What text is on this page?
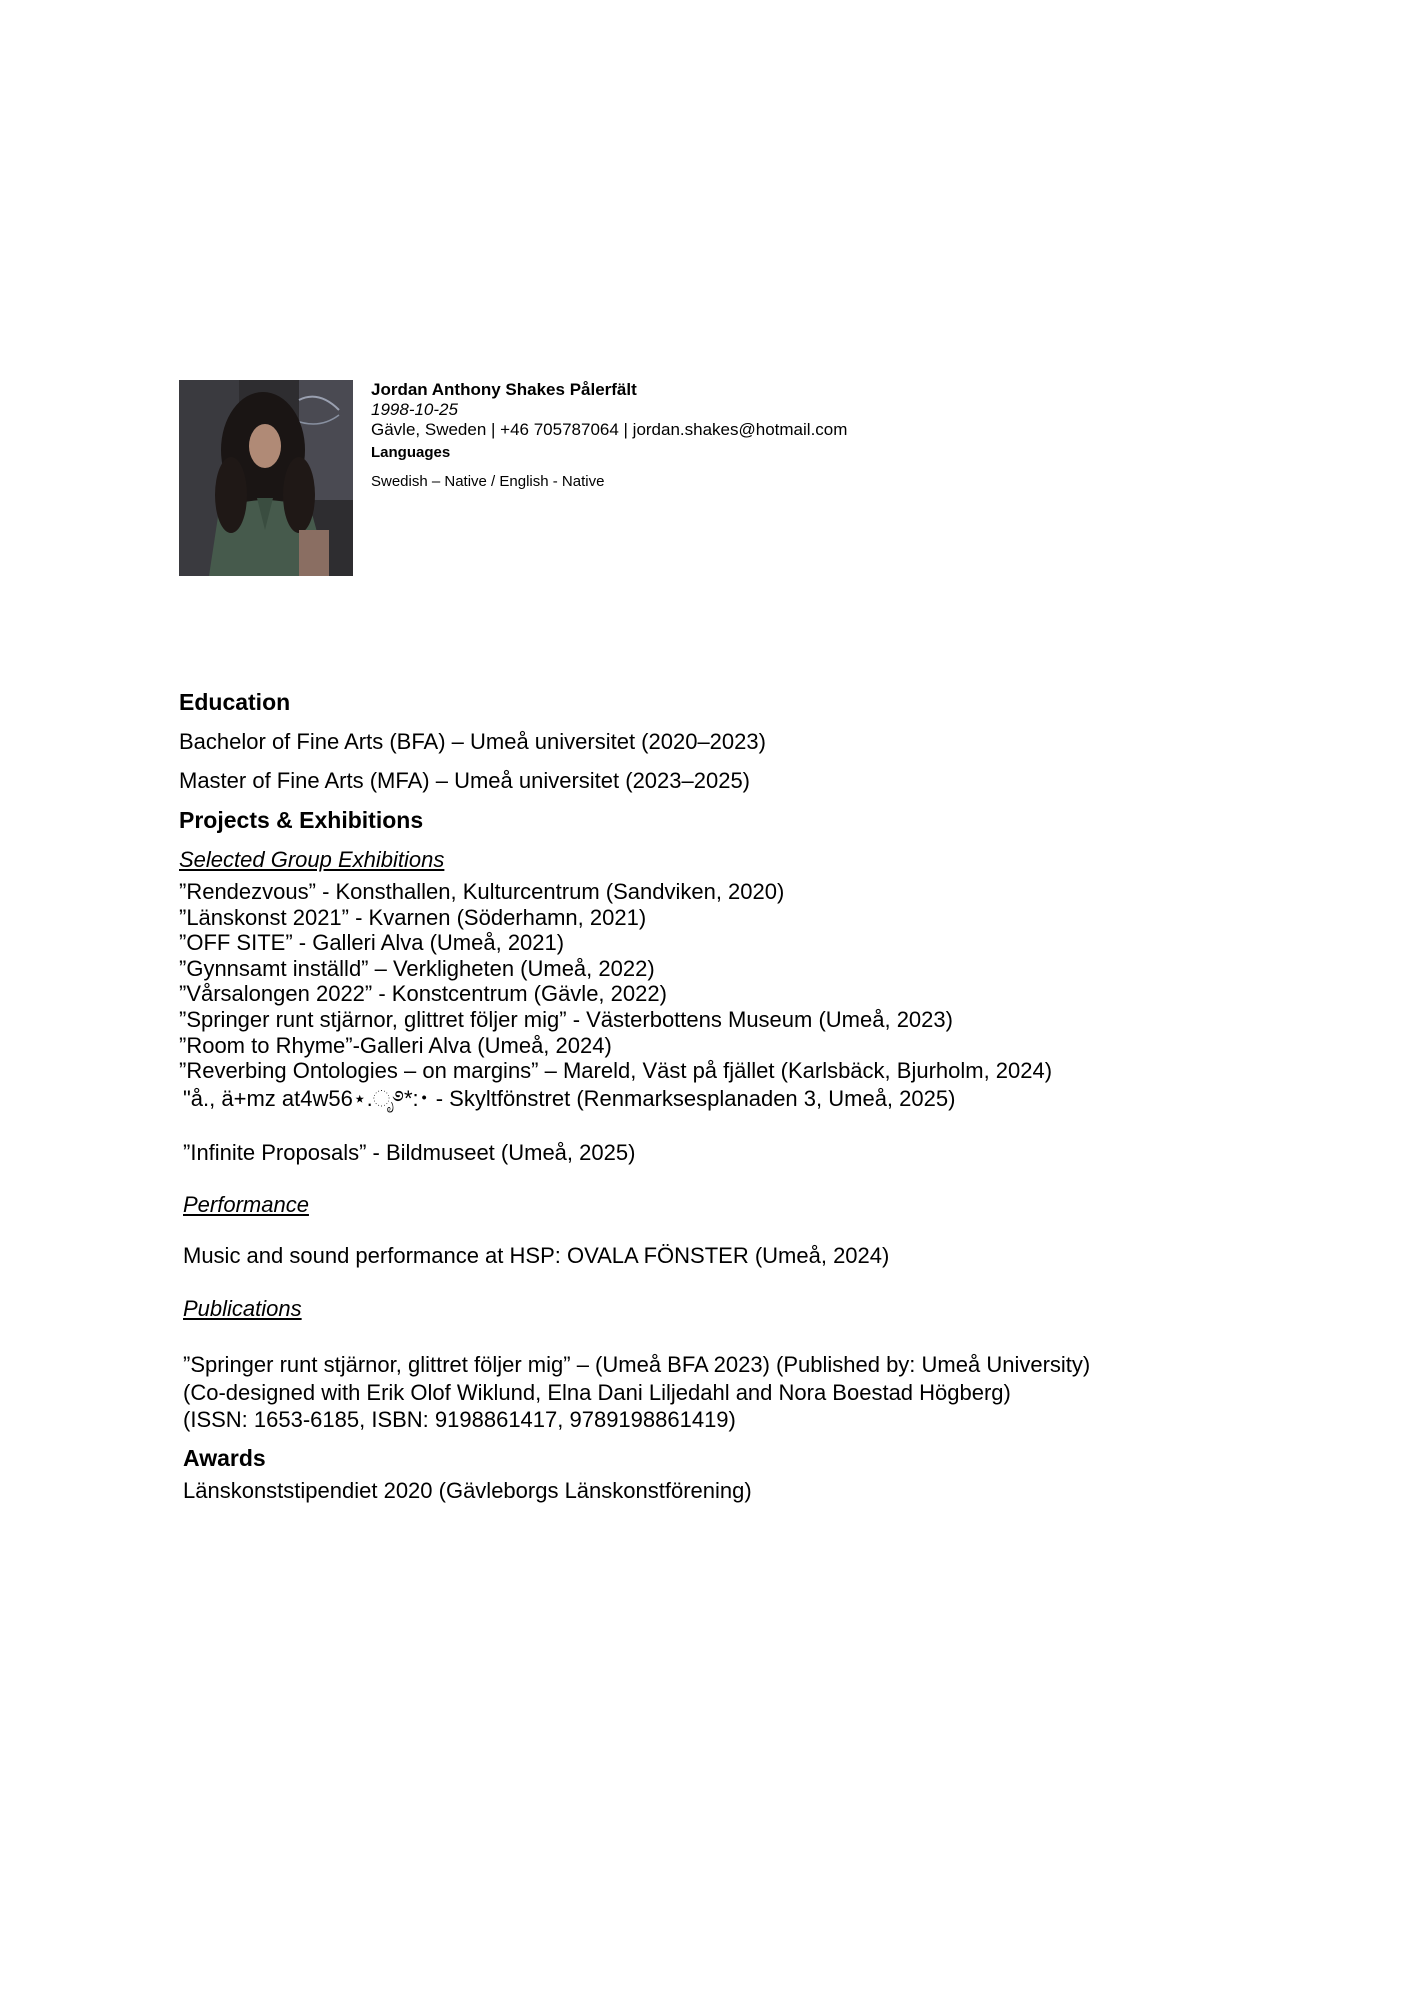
Jordan Anthony Shakes Pålerfält

1998-10-25

Gävle, Sweden | +46 705787064 | jordan.shakes@hotmail.com

Languages

Swedish – Native / English - Native

Education
Bachelor of Fine Arts (BFA) – Umeå universitet (2020–2023)
Master of Fine Arts (MFA) – Umeå universitet (2023–2025)
Projects & Exhibitions
Selected Group Exhibitions
”Rendezvous” - Konsthallen, Kulturcentrum (Sandviken, 2020)
”Länskonst 2021” - Kvarnen (Söderhamn, 2021)
”OFF SITE” - Galleri Alva (Umeå, 2021)
”Gynnsamt inställd” – Verkligheten (Umeå, 2022)
”Vårsalongen 2022” - Konstcentrum (Gävle, 2022)
”Springer runt stjärnor, glittret följer mig” - Västerbottens Museum (Umeå, 2023)
”Room to Rhyme”-Galleri Alva (Umeå, 2024)
”Reverbing Ontologies – on margins” – Mareld, Väst på fjället (Karlsbäck, Bjurholm, 2024)
"å., ä+mz at4w56⋆.ೃ࿔*:･ - Skyltfönstret (Renmarksesplanaden 3, Umeå, 2025)
”Infinite Proposals” - Bildmuseet (Umeå, 2025)
Performance
Music and sound performance at HSP: OVALA FÖNSTER (Umeå, 2024)
Publications
”Springer runt stjärnor, glittret följer mig” – (Umeå BFA 2023) (Published by: Umeå University)
(Co-designed with Erik Olof Wiklund, Elna Dani Liljedahl and Nora Boestad Högberg)
(ISSN: 1653-6185, ISBN: 9198861417, 9789198861419)
Awards
Länskonststipendiet 2020 (Gävleborgs Länskonstförening)
